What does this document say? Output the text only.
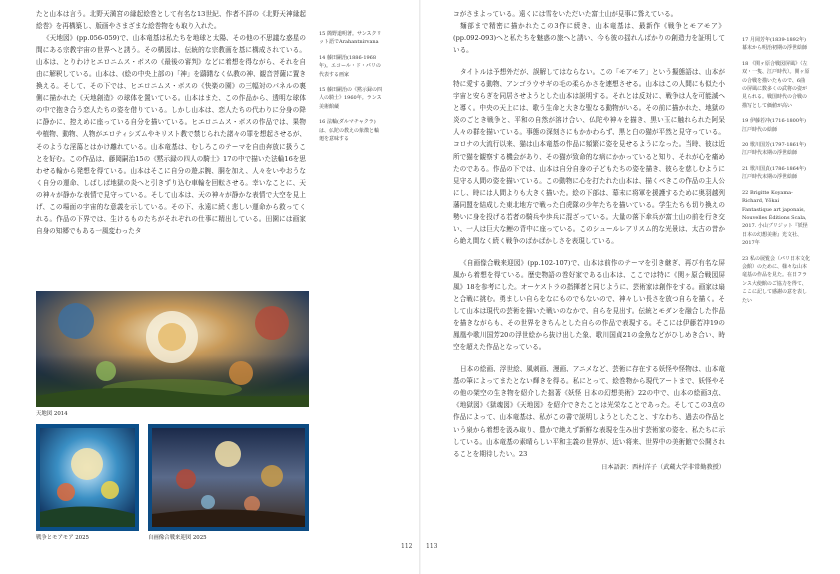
たと山本は言う。北野天満宮の縁起絵巻として有名な13世紀、作者不詳の《北野天神縁起絵巻》を再構築し、版画やさまざまな絵巻物をも取り入れた。

《天地図》(pp.056-059)で、山本竜基は私たちを地球と太陽、その他の不思議な惑星の間にある宗教宇宙の世界へと誘う。その構図は、伝統的な宗教画を基に構成されている。山本は、とりわけヒエロニムス・ボスの《最後の審判》などに着想を得ながら、それを自由に解釈している。山本は、(絵の中央上部の)「神」を躊躇なく仏教の神、観音菩薩に置き換える。そして、その下では、ヒエロニムス・ボスの《快楽の園》の三幅対のパネルの裏側に描かれた《天地創造》の球体を置いている。山本はまた、この作品から、透明な球体の中で抱き合う恋人たちの姿を借りている。しかし山本は、恋人たちの代わりに分身の降に静かに、控えめに座っている自分を描いている。ヒエロニムス・ボスの作品では、果物や植物、動物、人物がエロティシズムやキリスト教で禁じられた諸々の罪を想起させるが、そのような淫蕩とはかけ離れている。山本竜基は、むしろこのテーマを自由奔放に扱うことを好む。この作品は、藤岡嗣治15の《黙示録の四人の騎士》17の中で描いた法輪16を思わせる輪から発想を得ている。山本はそこに自分の遊ぶ腕、胴を加え、人々をいやおうなく自分の運命、しばしば地獄の炎へと引きずり込む車輪を回転させる。幸いなことに、天の神々が静かな表情で見守っている。そして山本は、天の神々が静かな表情で大空を見上げ、この場面の宇宙的な意義を示している。その下、永遠に続く悲しい運命から救ってくれる。作品の下界では、生けるものたちがそれぞれの仕事に精出している。田園には画家自身の知郷でもある一風変わったタ

15 簡野道明著。サンスクリット語でArahantnirvana

14 藤田嗣治(1886-1968年)。エコール・ド・パリの代表する画家

15 藤田嗣治の《黙示録の四人の騎士》1960年。ランス美術館蔵

16 法輪(ダルマチャクラ)は、仏陀の教えの象徴と輪廻を意味する

天地図 2014
戦争とモアモア 2025	自画像合戦来迎図 2025
112

コがさまよっている。遠くには雪をいただいた富士山が見事に聳えている。

麺部まで精密に描かれたこの3作に続き、山本竜基は、最新作《戦争とモアモア》(pp.092-093)へと私たちを魅惑の旅へと誘い、今も彼の揺れんばかりの創造力を証明している。

タイトルは予想外だが、誤解してはならない。この「モアモア」という擬態語は、山本が特に愛する動物、アンゴラウサギの毛の柔らかさを連想させる。山本はこの人間にも似た小宇宙と安らぎを同居させようとした山本は説明する。それとは反対に、戦争は人を可能滅へと導く。中央の天上には、歌う生命と大きな聖なる動物がいる。その前に描かれた、地獄の炎のごとき戦争と、平和の自然が溶け合い、仏陀や神々を描き、黒い玉に触れられた阿呆人々の群を描いている。事態の深刻さにもかかわらず、黒と白の猫が平然と見守っている。コロナの大流行以来、猫は山本竜基の作品に頻繁に姿を見せるようになった。当時、彼は近所で猫を観察する機会があり、その猫が致命的な病にかかっていると知り、それが心を痛めたのである。作品の下では、山本は自分自身の子どもたちの姿を描き、彼らを慈しむように見守る人間の姿を描いている。この動物に心を打たれた山本は、描くべきこの作品の主人公にし、時には人間よりも大きく描いた。絵の下部は、幕末に将軍を援護するために奥羽越列藩同盟を結成した東北地方で戦った白虎隊の少年たちを描いている。学生たちも切り換えの勢いに身を投げる若者の騎兵や歩兵に混ざっている。大量の落下傘兵が富士山の前を行き交い、一人は巨大な鯉の背中に座っている。このシュールレアリスム的な光景は、太古の昔から絶え間なく続く戦争のばかばかしさを表現している。

《自画像合戦来迎図》(pp.102-107)で、山本は前作のテーマを引き継ぎ、再び有名な屏風から着想を得ている。歴史物語の巻好家である山本は、ここでは特に《関ヶ原合戦図屏風》18を参考にした。オーケストラの指揮者と同じように、芸術家は創作をする。画家は扇と合戦に挑む。勇ましい自らをなにものでもないので、神々しい長さを放つ自らを描く。そして山本は現代の芸術を描いた戦いのなかで、自らを見出す。伝統とモダンを融合した作品を描きながらも、その世界をきちんとした自らの作品で表現する。そこには伊藤若冲19の鳳凰や歌川国芳20の浮世絵から抜け出した象、歌川国貞21の金魚などがひしめき合い、時空を超えた作品となっている。

日本の絵画、浮世絵、風刺画、漫画、アニメなど、芸術に存在する妖怪や怪物は、山本竜基の筆によってまたとない輝きを得る。私にとって、絵巻物から現代アートまで、妖怪やその他の架空の生き物を紹介した拙著《妖怪 日本の幻想美術》22の中で、山本の絵画3点、《地獄図》《獄魂図》《天地図》を紹介できたことは光栄なことであった。そしてこの3点の作品によって、山本竜基は、私がこの書で説明しようとしたこと、すなわち、過去の作品という泉から着想を汲み取り、豊かで絶えず新鮮な表現を生み出す芸術家の姿を、私たちに示している。山本竜基の素晴らしい平和主義の世界が、近い将来、世界中の美術館で公開されることを期待したい。23

日本語訳：西村洋子（武蔵大学非常勤教授）

17 月岡芳年(1839-1892年)幕末から明治初期の浮世絵師

18 《関ヶ原合戦図屏風》（左双・一隻、江戸時代）。関ヶ原の合戦を描いたもので、6曲の屏風に数多くの武将の姿が見られる。戦国時代の合戦の描写として価値が高い

19 伊藤若冲(1716-1800年)江戸時代の絵師

20 歌川国芳(1797-1861年)江戸時代末期の浮世絵師

21 歌川国貞(1786-1864年)江戸時代末期の浮世絵師

22 Brigitte Koyama-Richard, Yōkai Fantastique art japonais, Nouvelles Éditions Scala, 2017. 小山ブリジット『妖怪 日本の幻想美術』光文社、2017年

23 私の展覧会（パリ日本文化会館）のために、様々な山本竜基の作品を見た。在日フランス大使館のご協力を得て、ここに記して感謝の意を表したい

113
